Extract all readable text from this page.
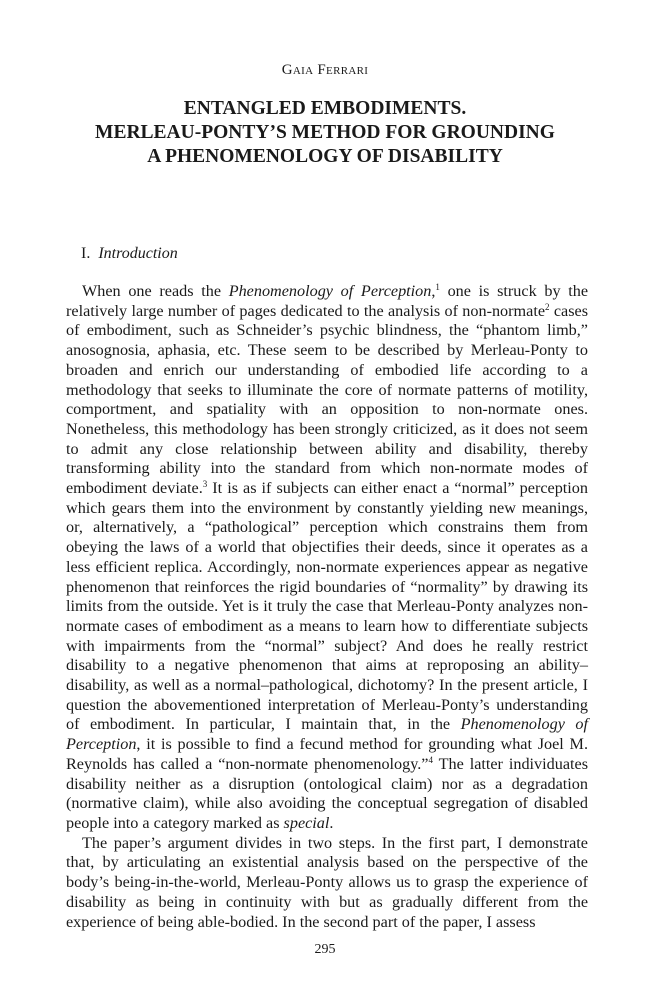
Gaia Ferrari
ENTANGLED EMBODIMENTS.
MERLEAU-PONTY’S METHOD FOR GROUNDING
A PHENOMENOLOGY OF DISABILITY
I. Introduction

When one reads the Phenomenology of Perception,$^1$ one is struck by the relatively large number of pages dedicated to the analysis of non-normate$^2$ cases of embodiment, such as Schneider’s psychic blindness, the “phantom limb,” anosognosia, aphasia, etc. These seem to be described by Merleau-Ponty to broaden and enrich our understanding of embodied life according to a methodology that seeks to illuminate the core of normate patterns of motility, comportment, and spatiality with an opposition to non-normate ones. Nonetheless, this methodology has been strongly criticized, as it does not seem to admit any close relationship between ability and disability, thereby transforming ability into the standard from which non-normate modes of embodiment deviate.$^3$ It is as if subjects can either enact a “normal” perception which gears them into the environment by constantly yielding new meanings, or, alternatively, a “pathological” perception which constrains them from obeying the laws of a world that objectifies their deeds, since it operates as a less efficient replica. Accordingly, non-normate experiences appear as negative phenomenon that reinforces the rigid boundaries of “normality” by drawing its limits from the outside. Yet is it truly the case that Merleau-Ponty analyzes non-normate cases of embodiment as a means to learn how to differentiate subjects with impairments from the “normal” subject? And does he really restrict disability to a negative phenomenon that aims at reproposing an ability–disability, as well as a normal–pathological, dichotomy? In the present article, I question the abovementioned interpretation of Merleau-Ponty’s understanding of embodiment. In particular, I maintain that, in the Phenomenology of Perception, it is possible to find a fecund method for grounding what Joel M. Reynolds has called a “non-normate phenomenology.”$^4$ The latter individuates disability neither as a disruption (ontological claim) nor as a degradation (normative claim), while also avoiding the conceptual segregation of disabled people into a category marked as special.

The paper’s argument divides in two steps. In the first part, I demonstrate that, by articulating an existential analysis based on the perspective of the body’s being-in-the-world, Merleau-Ponty allows us to grasp the experience of disability as being in continuity with but as gradually different from the experience of being able-bodied. In the second part of the paper, I assess

295
